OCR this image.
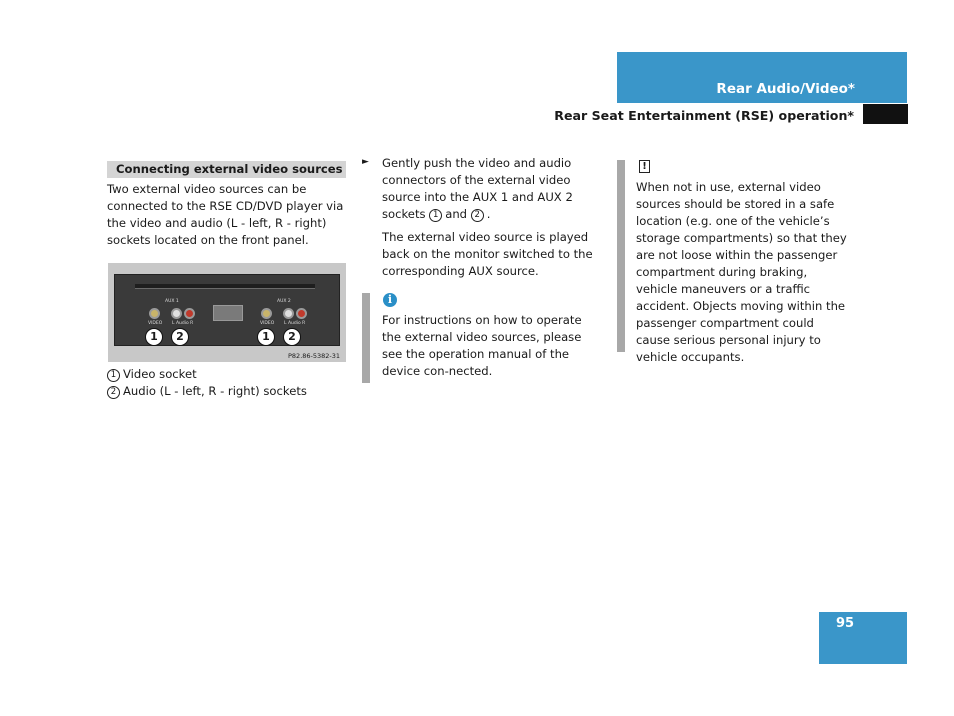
Rear Audio/Video*
Rear Seat Entertainment (RSE) operation*
Connecting external video sources
Two external video sources can be connected to the RSE CD/DVD player via the video and audio (L - left, R - right) sockets located on the front panel.
AUX 1
VIDEO L Audio R
AUX 2
VIDEO L Audio R
1	2	1	2
P82.86-5382-31
1 Video socket
2 Audio (L - left, R - right) sockets
► Gently push the video and audio connectors of the external video source into the AUX 1 and AUX 2 sockets 1 and 2 .
The external video source is played back on the monitor switched to the corresponding AUX source.
i
For instructions on how to operate the external video sources, please see the operation manual of the device con-nected.
!
When not in use, external video sources should be stored in a safe location (e.g. one of the vehicle’s storage compartments) so that they are not loose within the passenger compartment during braking, vehicle maneuvers or a traffic accident. Objects moving within the passenger compartment could cause serious personal injury to vehicle occupants.
95
